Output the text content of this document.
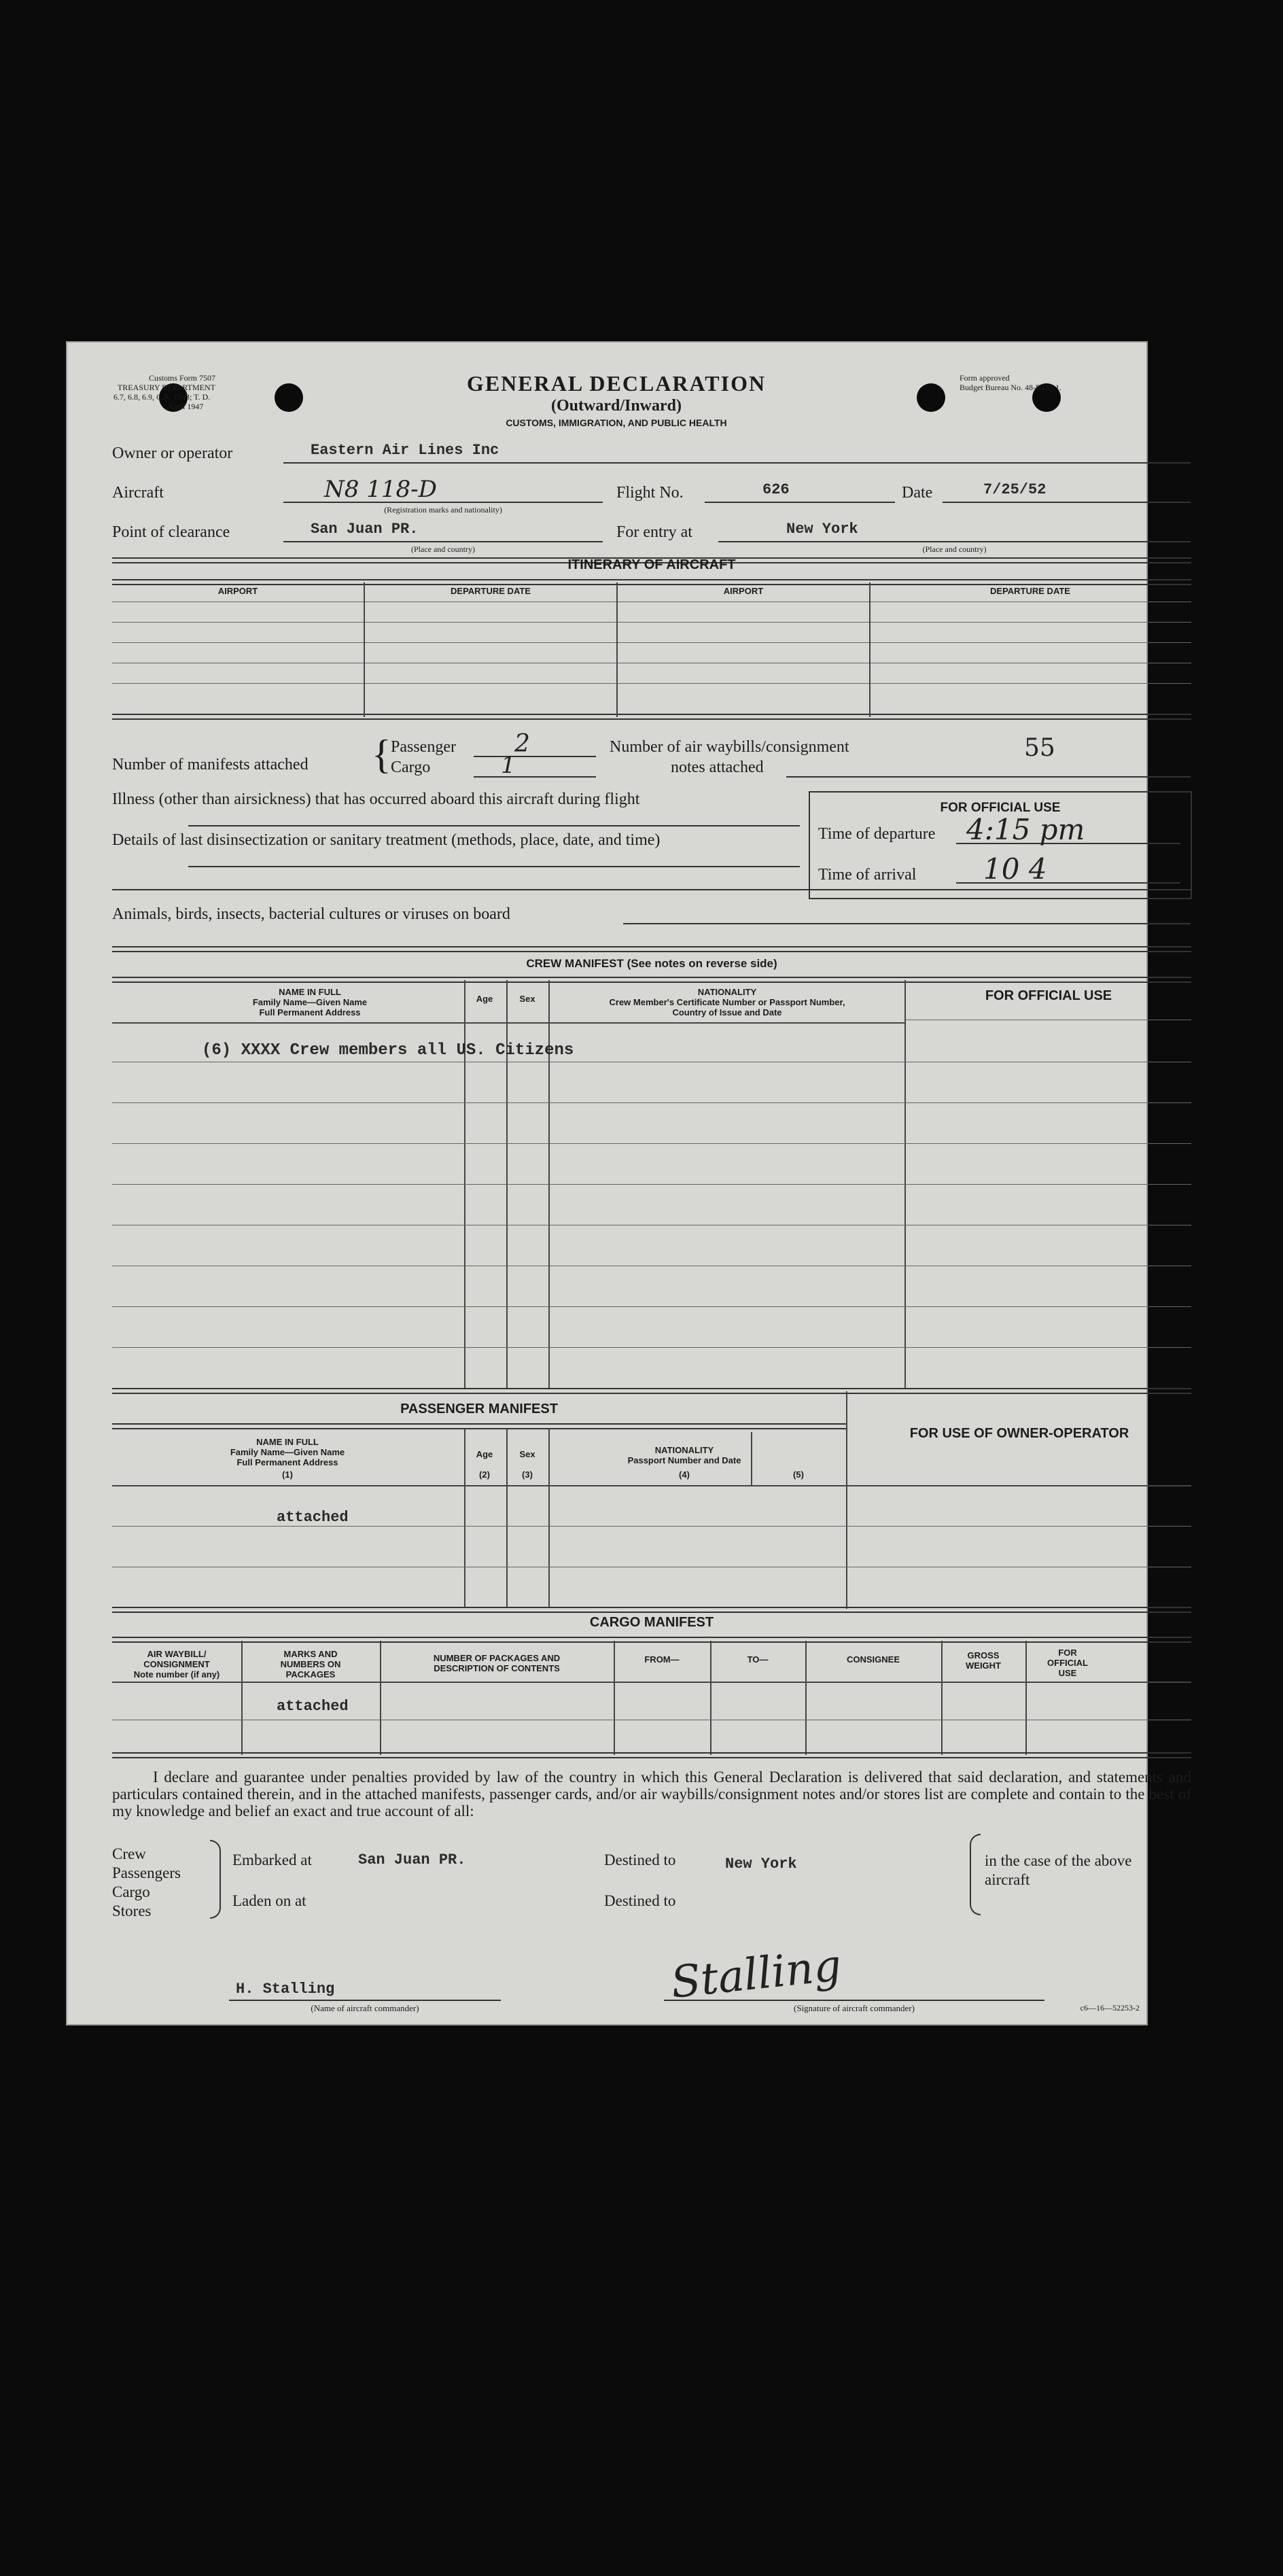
Customs Form 7507
TREASURY DEPARTMENT
6.7, 6.8, 6.9, C.R. 1943; T. D.
April 1947
Form approved
Budget Bureau No. 48-R153.1.
GENERAL DECLARATION
(Outward/Inward)
CUSTOMS, IMMIGRATION, AND PUBLIC HEALTH
Owner or operator	Eastern Air Lines Inc
Aircraft	N8 118-D
(Registration marks and nationality)
Flight No.	626	Date	7/25/52
Point of clearance	San Juan PR.
(Place and country)
For entry at	New York
(Place and country)
ITINERARY OF AIRCRAFT
AIRPORT	DEPARTURE DATE	AIRPORT	DEPARTURE DATE
Number of manifests attached { Passenger 2
Cargo	1
Number of air waybills/consignment
notes attached
55
Illness (other than airsickness) that has occurred aboard this aircraft during flight
Details of last disinsectization or sanitary treatment (methods, place, date, and time)
Animals, birds, insects, bacterial cultures or viruses on board
FOR OFFICIAL USE
Time of departure 4:15 pm
Time of arrival 10 4
CREW MANIFEST (See notes on reverse side)
NAME IN FULL
Family Name—Given Name
Full Permanent Address
Age	Sex
NATIONALITY
Crew Member's Certificate Number or Passport Number,
Country of Issue and Date
FOR OFFICIAL USE
(6) XXXX Crew members all US. Citizens
PASSENGER MANIFEST
FOR USE OF OWNER-OPERATOR
NAME IN FULL
Family Name—Given Name
Full Permanent Address
(1)
Age
(2)
Sex
(3)
NATIONALITY
Passport Number and Date
(4)	(5)
attached
CARGO MANIFEST
AIR WAYBILL/
CONSIGNMENT
Note number (if any)
MARKS AND
NUMBERS ON
PACKAGES
NUMBER OF PACKAGES AND
DESCRIPTION OF CONTENTS
FROM—	TO—	CONSIGNEE	GROSS
WEIGHT
FOR
OFFICIAL
USE
attached
I declare and guarantee under penalties provided by law of the country in which this General Declaration is delivered that said declaration, and statements and particulars contained therein, and in the attached manifests, passenger cards, and/or air waybills/consignment notes and/or stores list are complete and contain to the best of my knowledge and belief an exact and true account of all:
Crew
Passengers
Cargo
Stores
Embarked at	San Juan PR.
Laden on at
Destined to	New York
Destined to
in the case of the above aircraft
H. Stalling
(Name of aircraft commander)	Stalling
(Signature of aircraft commander)	c6—16—52253-2
